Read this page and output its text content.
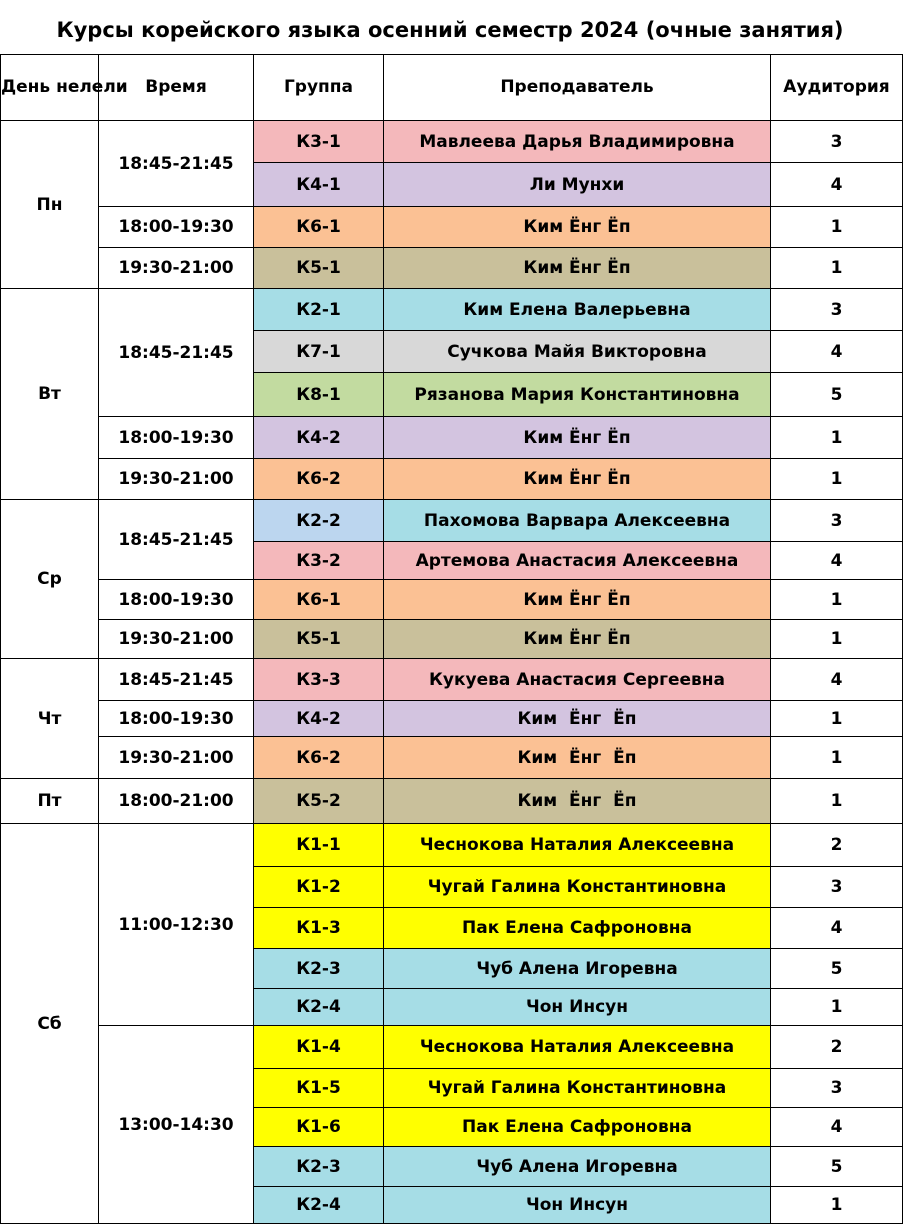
Курсы корейского языка осенний семестр 2024 (очные занятия)
День нелели	Время	Группа	Преподаватель	Аудитория
Пн	18:45-21:45	К3-1	Мавлеева Дарья Владимировна	3
		К4-1	Ли Мунхи	4
	18:00-19:30	К6-1	Ким Ёнг Ёп	1
	19:30-21:00	К5-1	Ким Ёнг Ёп	1
Вт	18:45-21:45	К2-1	Ким Елена Валерьевна	3
		К7-1	Сучкова Майя Викторовна	4
		К8-1	Рязанова Мария Константиновна	5
	18:00-19:30	К4-2	Ким Ёнг Ёп	1
	19:30-21:00	К6-2	Ким Ёнг Ёп	1
Ср	18:45-21:45	К2-2	Пахомова Варвара Алексеевна	3
		К3-2	Артемова Анастасия Алексеевна	4
	18:00-19:30	К6-1	Ким Ёнг Ёп	1
	19:30-21:00	К5-1	Ким Ёнг Ёп	1
Чт	18:45-21:45	К3-3	Кукуева Анастасия Сергеевна	4
	18:00-19:30	К4-2	Ким  Ёнг  Ёп	1
	19:30-21:00	К6-2	Ким  Ёнг  Ёп	1
Пт	18:00-21:00	К5-2	Ким  Ёнг  Ёп	1
Сб	11:00-12:30	К1-1	Чеснокова Наталия Алексеевна	2
		К1-2	Чугай Галина Константиновна	3
		К1-3	Пак Елена Сафроновна	4
		К2-3	Чуб Алена Игоревна	5
		К2-4	Чон Инсун	1
	13:00-14:30	К1-4	Чеснокова Наталия Алексеевна	2
		К1-5	Чугай Галина Константиновна	3
		К1-6	Пак Елена Сафроновна	4
		К2-3	Чуб Алена Игоревна	5
		К2-4	Чон Инсун	1
